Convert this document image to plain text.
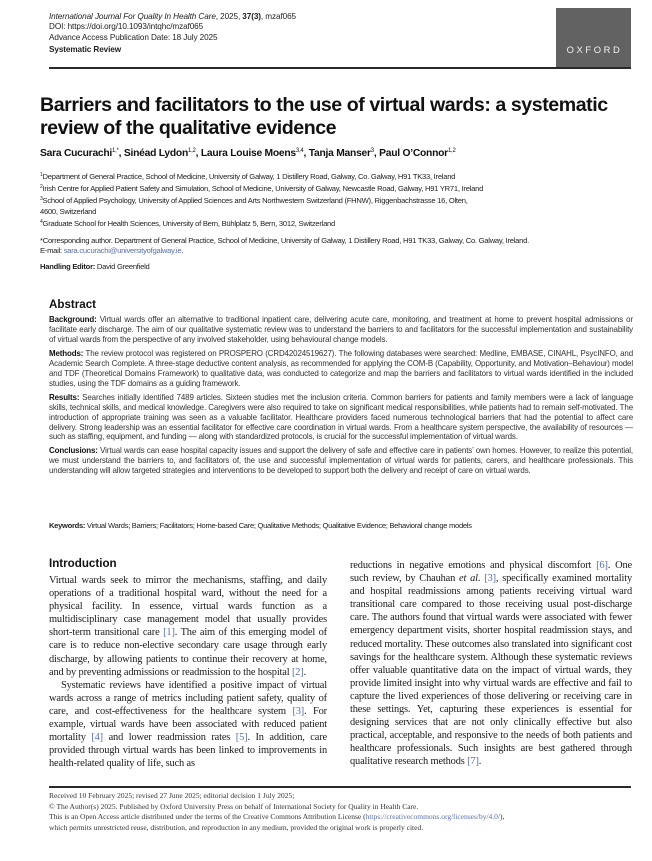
International Journal For Quality In Health Care, 2025, 37(3), mzaf065
DOI: https://doi.org/10.1093/intqhc/mzaf065
Advance Access Publication Date: 18 July 2025
Systematic Review	OXFORD
Barriers and facilitators to the use of virtual wards: a systematic review of the qualitative evidence
Sara Cucurachi$^{1,*}$, Sinéad Lydon$^{1,2}$, Laura Louise Moens$^{3,4}$, Tanja Manser$^3$, Paul O’Connor$^{1,2}$
$^1$Department of General Practice, School of Medicine, University of Galway, 1 Distillery Road, Galway, Co. Galway, H91 TK33, Ireland
$^2$Irish Centre for Applied Patient Safety and Simulation, School of Medicine, University of Galway, Newcastle Road, Galway, H91 YR71, Ireland
$^3$School of Applied Psychology, University of Applied Sciences and Arts Northwestern Switzerland (FHNW), Riggenbachstrasse 16, Olten,
4600, Switzerland
$^4$Graduate School for Health Sciences, University of Bern, Bühlplatz 5, Bern, 3012, Switzerland
*Corresponding author. Department of General Practice, School of Medicine, University of Galway, 1 Distillery Road, H91 TK33, Galway, Co. Galway, Ireland.
E-mail: sara.cucurachi@universityofgalway.ie.
Handling Editor: David Greenfield
Abstract

Background: Virtual wards offer an alternative to traditional inpatient care, delivering acute care, monitoring, and treatment at home to prevent hospital admissions or facilitate early discharge. The aim of our qualitative systematic review was to understand the barriers to and facilitators for the successful implementation and sustainability of virtual wards from the perspective of any involved stakeholder, using behavioural change models.

Methods: The review protocol was registered on PROSPERO (CRD42024519627). The following databases were searched: Medline, EMBASE, CINAHL, PsycINFO, and Academic Search Complete. A three-stage deductive content analysis, as recommended for applying the COM-B (Capability, Opportunity, and Motivation–Behaviour) model and TDF (Theoretical Domains Framework) to qualitative data, was conducted to categorize and map the barriers and facilitators to virtual wards identified in the included studies, using the TDF domains as a guiding framework.

Results: Searches initially identified 7489 articles. Sixteen studies met the inclusion criteria. Common barriers for patients and family members were a lack of language skills, technical skills, and medical knowledge. Caregivers were also required to take on significant medical responsibilities, while patients had to remain self-motivated. The introduction of appropriate training was seen as a valuable facilitator. Healthcare providers faced numerous technological barriers that had the potential to affect care delivery. Strong leadership was an essential facilitator for effective care coordination in virtual wards. From a healthcare system perspective, the availability of resources — such as staffing, equipment, and funding — along with standardized protocols, is crucial for the successful implementation of virtual wards.

Conclusions: Virtual wards can ease hospital capacity issues and support the delivery of safe and effective care in patients’ own homes. However, to realize this potential, we must understand the barriers to, and facilitators of, the use and successful implementation of virtual wards for patients, carers, and healthcare professionals. This understanding will allow targeted strategies and interventions to be developed to support both the delivery and receipt of care on virtual wards.

Keywords: Virtual Wards; Barriers; Facilitators; Home-based Care; Qualitative Methods; Qualitative Evidence; Behavioral change models
Introduction

Virtual wards seek to mirror the mechanisms, staffing, and daily operations of a traditional hospital ward, without the need for a physical facility. In essence, virtual wards function as a multidisciplinary case management model that usually provides short-term transitional care [1]. The aim of this emerging model of care is to reduce non-elective secondary care usage through early discharge, by allowing patients to continue their recovery at home, and by preventing admissions or readmission to the hospital [2].

Systematic reviews have identified a positive impact of virtual wards across a range of metrics including patient safety, quality of care, and cost-effectiveness for the healthcare system [3]. For example, virtual wards have been associated with reduced patient mortality [4] and lower readmission rates [5]. In addition, care provided through virtual wards has been linked to improvements in health-related quality of life, such as

reductions in negative emotions and physical discomfort [6]. One such review, by Chauhan et al. [3], specifically examined mortality and hospital readmissions among patients receiving virtual ward transitional care compared to those receiving usual post-discharge care. The authors found that virtual wards were associated with fewer emergency department visits, shorter hospital readmission stays, and reduced mortality. These outcomes also translated into significant cost savings for the healthcare system. Although these systematic reviews offer valuable quantitative data on the impact of virtual wards, they provide limited insight into why virtual wards are effective and fail to capture the lived experiences of those delivering or receiving care in these settings. Yet, capturing these experiences is essential for designing services that are not only clinically effective but also practical, acceptable, and responsive to the needs of both patients and healthcare professionals. Such insights are best gathered through qualitative research methods [7].

Received 10 February 2025; revised 27 June 2025; editorial decision 1 July 2025;
© The Author(s) 2025. Published by Oxford University Press on behalf of International Society for Quality in Health Care.
This is an Open Access article distributed under the terms of the Creative Commons Attribution License (https://creativecommons.org/licenses/by/4.0/),
which permits unrestricted reuse, distribution, and reproduction in any medium, provided the original work is properly cited.
